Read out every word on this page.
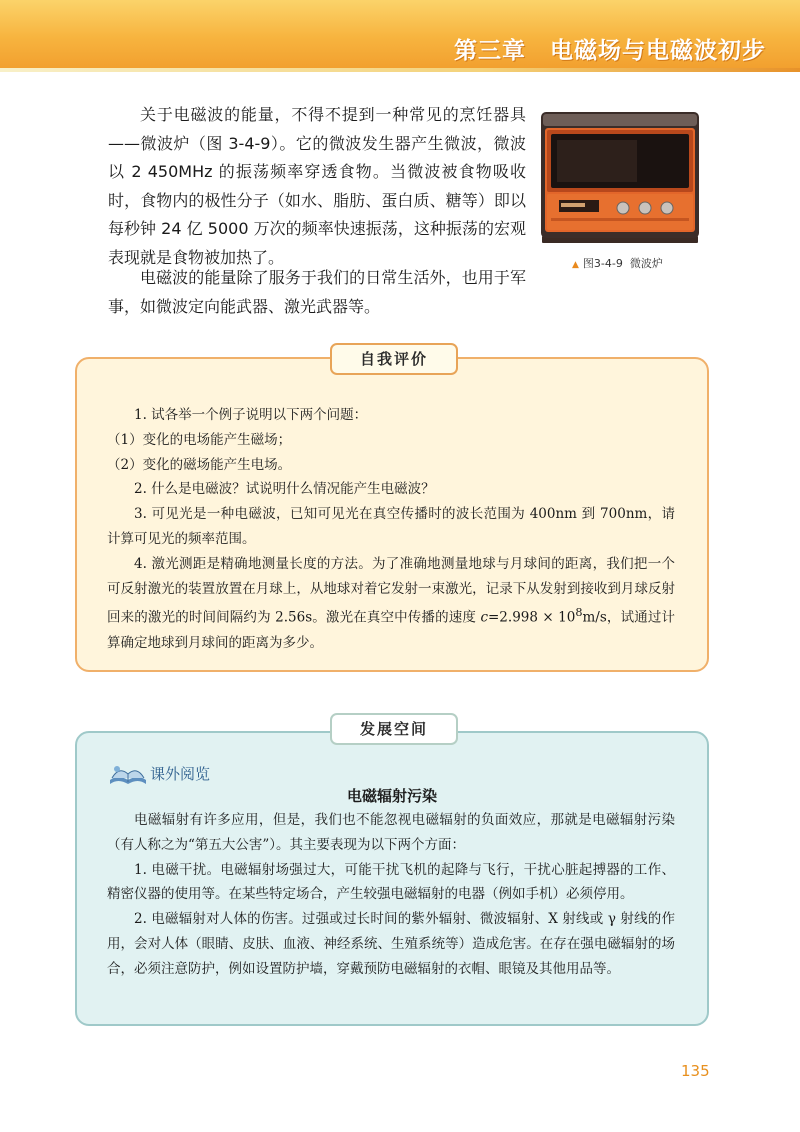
第三章　电磁场与电磁波初步

关于电磁波的能量，不得不提到一种常见的烹饪器具——微波炉（图 3-4-9）。它的微波发生器产生微波，微波以 2 450MHz 的振荡频率穿透食物。当微波被食物吸收时，食物内的极性分子（如水、脂肪、蛋白质、糖等）即以每秒钟 24 亿 5000 万次的频率快速振荡，这种振荡的宏观表现就是食物被加热了。

电磁波的能量除了服务于我们的日常生活外，也用于军事，如微波定向能武器、激光武器等。

▲ 图3-4-9 微波炉
自我评价

1. 试各举一个例子说明以下两个问题：

（1）变化的电场能产生磁场；

（2）变化的磁场能产生电场。

2. 什么是电磁波？试说明什么情况能产生电磁波？

3. 可见光是一种电磁波，已知可见光在真空传播时的波长范围为 400nm 到 700nm，请计算可见光的频率范围。

4. 激光测距是精确地测量长度的方法。为了准确地测量地球与月球间的距离，我们把一个可反射激光的装置放置在月球上，从地球对着它发射一束激光，记录下从发射到接收到月球反射回来的激光的时间间隔约为 2.56s。激光在真空中传播的速度 $c=2.998 \times 10^8m/s$，试通过计算确定地球到月球间的距离为多少。

发展空间
课外阅览
电磁辐射污染

电磁辐射有许多应用，但是，我们也不能忽视电磁辐射的负面效应，那就是电磁辐射污染（有人称之为“第五大公害”）。其主要表现为以下两个方面：

1. 电磁干扰。电磁辐射场强过大，可能干扰飞机的起降与飞行，干扰心脏起搏器的工作、精密仪器的使用等。在某些特定场合，产生较强电磁辐射的电器（例如手机）必须停用。

2. 电磁辐射对人体的伤害。过强或过长时间的紫外辐射、微波辐射、X 射线或 γ 射线的作用，会对人体（眼睛、皮肤、血液、神经系统、生殖系统等）造成危害。在存在强电磁辐射的场合，必须注意防护，例如设置防护墙，穿戴预防电磁辐射的衣帽、眼镜及其他用品等。

135
